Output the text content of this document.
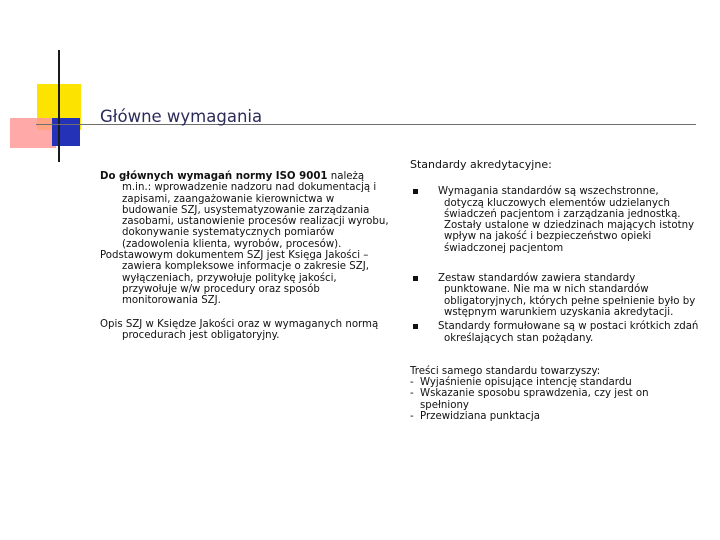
Główne wymagania

Do głównych wymagań normy ISO 9001 należą m.in.: wprowadzenie nadzoru nad dokumentacją i zapisami, zaangażowanie kierownictwa w budowanie SZJ, usystematyzowanie zarządzania zasobami, ustanowienie procesów realizacji wyrobu, dokonywanie systematycznych pomiarów (zadowolenia klienta, wyrobów, procesów).

Podstawowym dokumentem SZJ jest Księga Jakości – zawiera kompleksowe informacje o zakresie SZJ, wyłączeniach, przywołuje politykę jakości, przywołuje w/w procedury oraz sposób monitorowania SZJ.

Opis SZJ w Księdze Jakości oraz w wymaganych normą procedurach jest obligatoryjny.

Standardy akredytacyjne:

Wymagania standardów są wszechstronne, dotyczą kluczowych elementów udzielanych świadczeń pacjentom i zarządzania jednostką. Zostały ustalone w dziedzinach mających istotny wpływ na jakość i bezpieczeństwo opieki świadczonej pacjentom
Zestaw standardów zawiera standardy punktowane. Nie ma w nich standardów obligatoryjnych, których pełne spełnienie było by wstępnym warunkiem uzyskania akredytacji.
Standardy formułowane są w postaci krótkich zdań określających stan pożądany.

Treści samego standardu towarzyszy:

- Wyjaśnienie opisujące intencję standardu
- Wskazanie sposobu sprawdzenia, czy jest on spełniony
- Przewidziana punktacja
